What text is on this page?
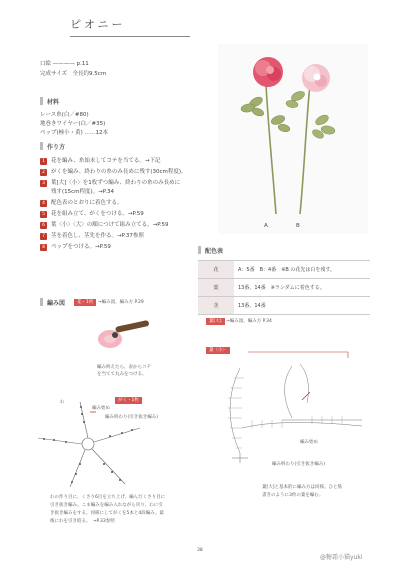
ピオニー
口絵 ———— p.11
完成サイズ　全長約9.5cm
材料
レース糸(白／#80)
地巻きワイヤー(白／#35)
ペップ(極小・黄) ……12本
作り方
1 花を編み、糸始末してコテを当てる。→下記
2 がくを編み、終わりの糸のみ長めに残す(30cm程度)。
3 葉[大]〈小〉を1枚ずつ編み、終わりの糸のみ長めに
残す(15cm程度)。→P.34
4 配色表のとおりに着色する。
5 花を組み立て、がくをつける。→P.59
6 葉〈小〉〈大〉の順につけて組み立てる。→P.59
7 茎を着色し、茎先を作る。→P.37参照
8 ペップをつける。→P.59
A	B
配色表
花	A：5番　B：4番　※B の花先は白を残す。
葉	13番、14番　※ランダムに着色する。
茎	13番、14番
編み図	花・1枚 →編み図、編み方 P.29
編み終えたら、表からコテ
を当てて丸みをつける。
がく・1枚
わ
編み始め
編み終わり(引き抜き編み)
わの作り目に、くさり6目を立ち上げ、編んだくさり目に
引き抜き編み。こま編みを編み入れながら戻り、わに引
き抜き編みをする。同様にしてがくを5本と4段編み。最
後にわを引き絞る。　→P.33参照
葉[大] →編み図、編み方 P.34
葉〈小〉
編み始め
編み終わり(引き抜き編み)
葉[大]と基本的に編み方は同様。ひと筋
書きのように3枚の葉を編む。
38
@糖霜小猫yuki
